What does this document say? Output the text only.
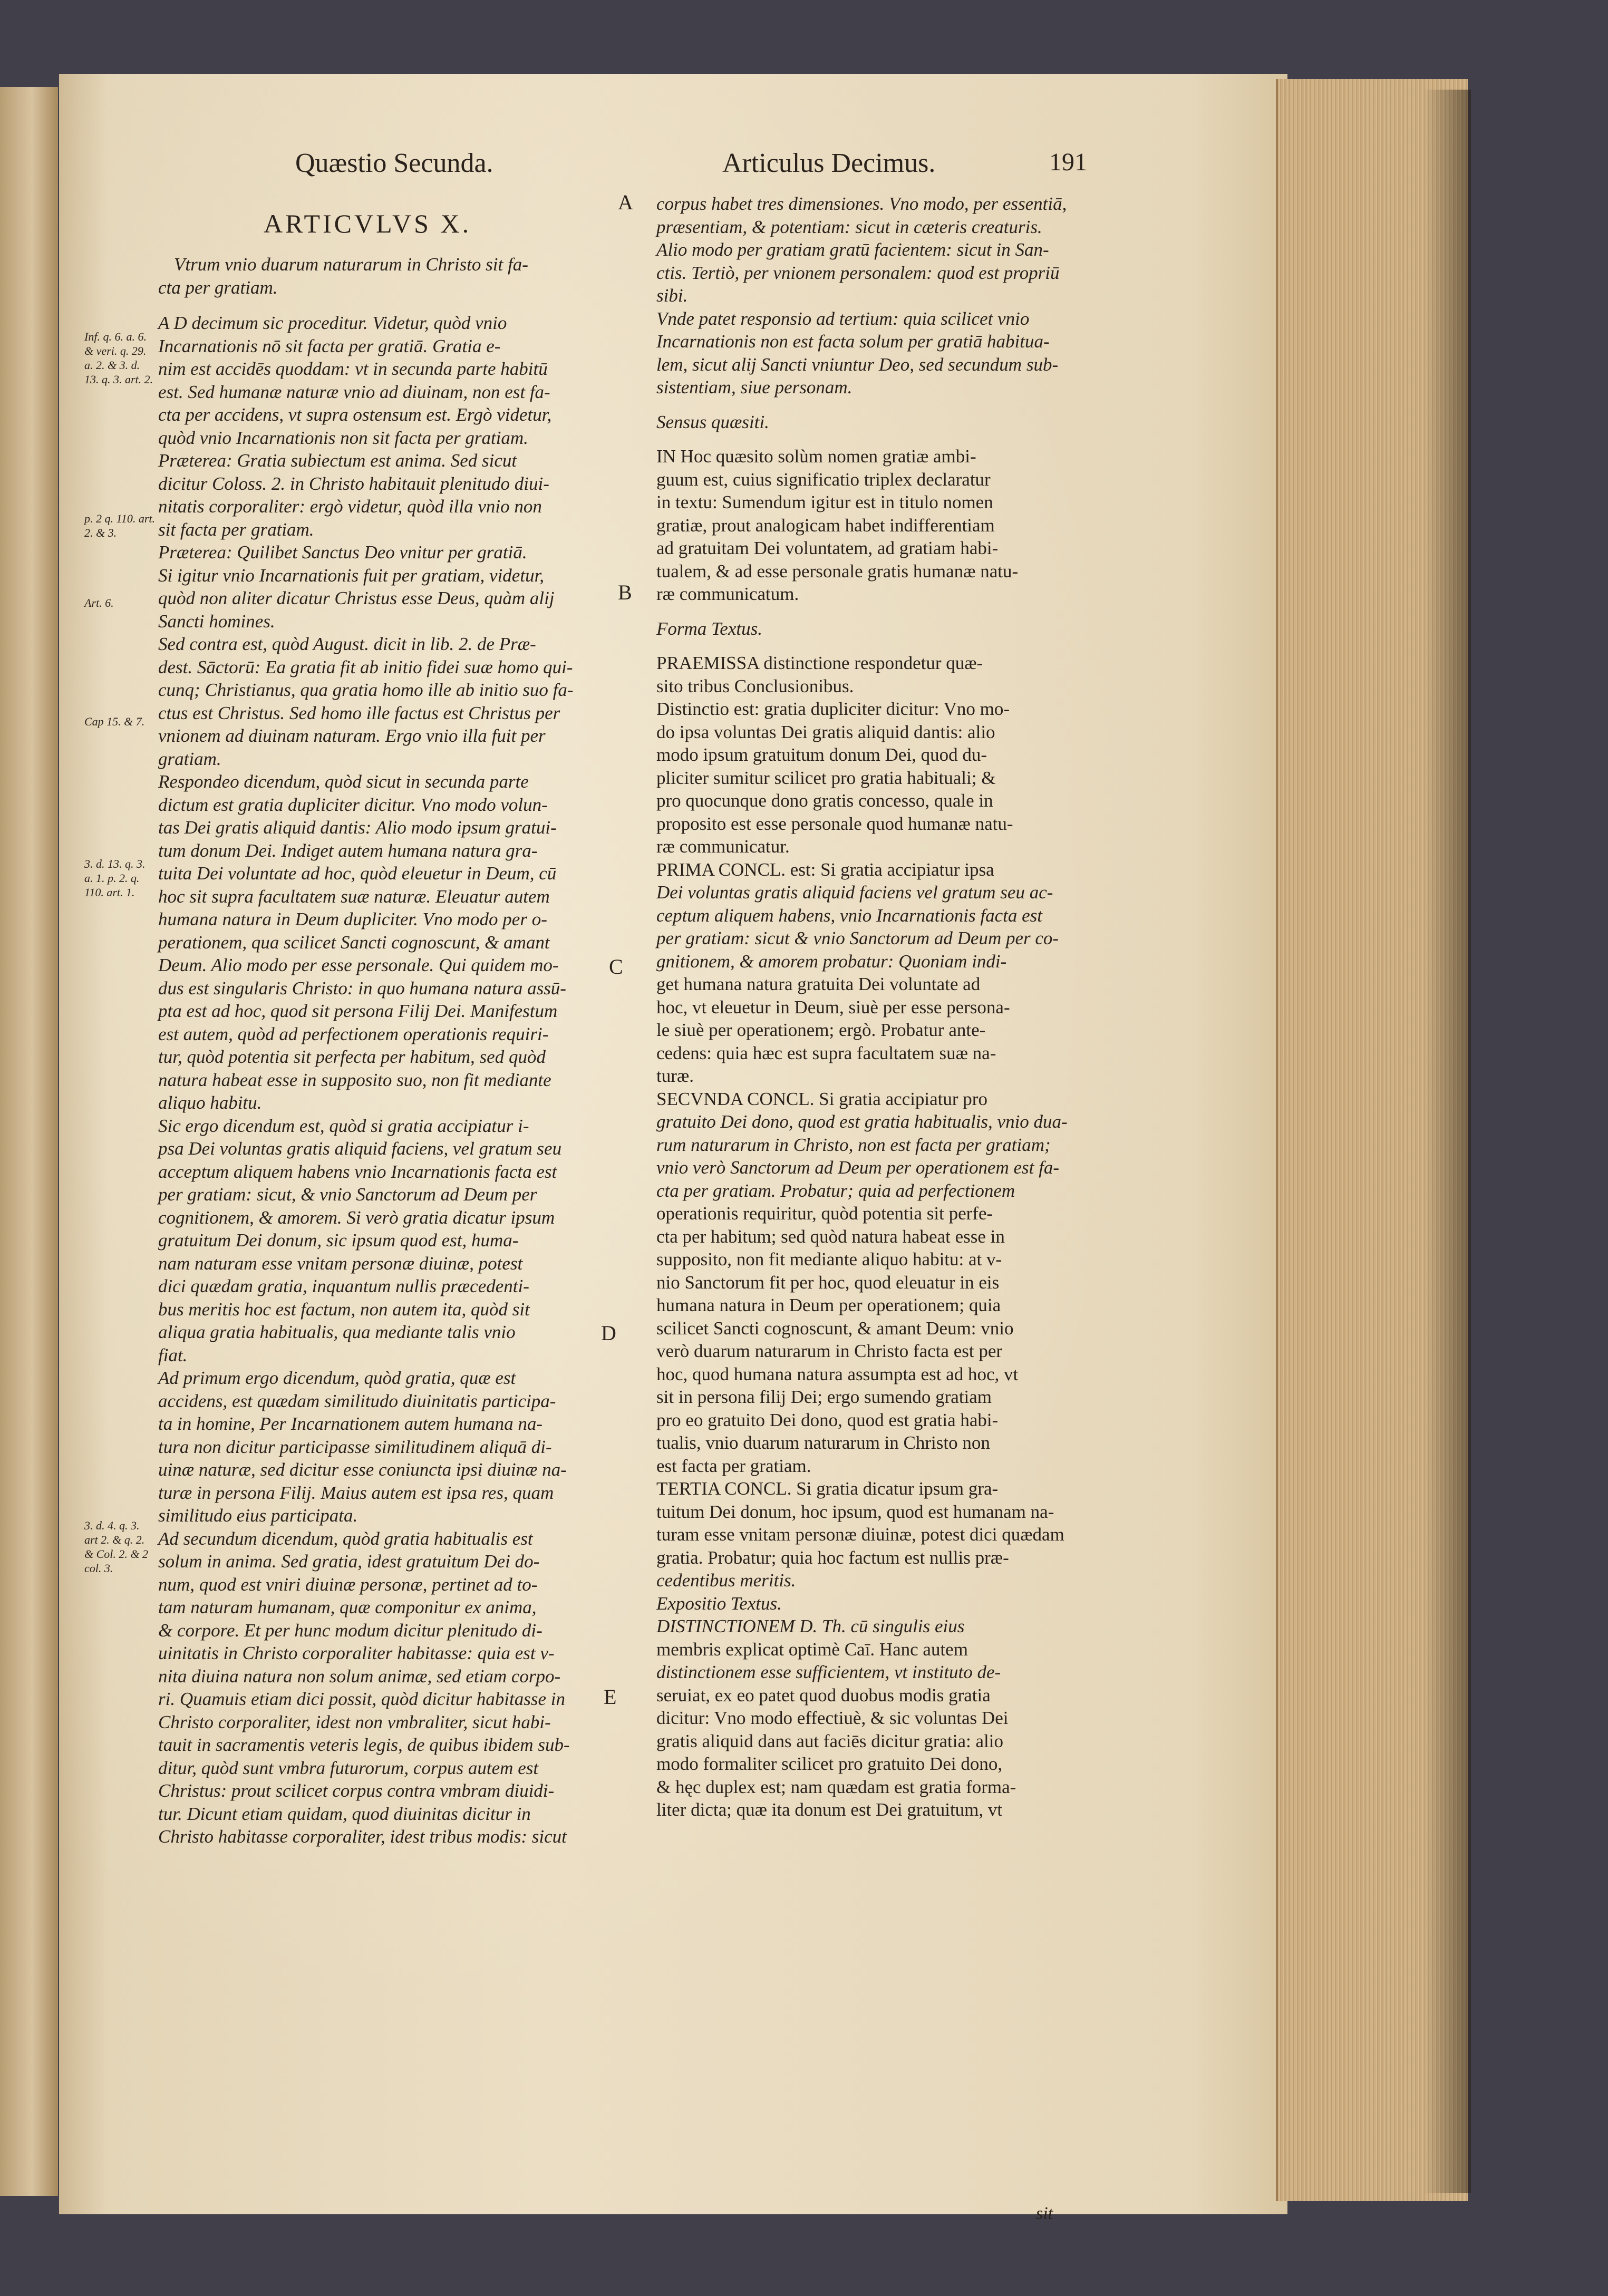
Quæstio Secunda.	Articulus Decimus.	191
ARTICVLVS X.
Inf. q. 6. a. 6. & veri. q. 29. a. 2. & 3. d. 13. q. 3. art. 2.
p. 2 q. 110. art. 2. & 3.
Art. 6.
Cap 15. & 7.
3. d. 13. q. 3. a. 1. p. 2. q. 110. art. 1.
3. d. 4. q. 3. art 2. & q. 2. & Col. 2. & 2 col. 3.
A
B
C
D
E
Vtrum vnio duarum naturarum in Christo sit fa-
cta per gratiam.
A D decimum sic proceditur. Videtur, quòd vnio
Incarnationis nō sit facta per gratiā. Gratia e-
nim est accidēs quoddam: vt in secunda parte habitū
est. Sed humanæ naturæ vnio ad diuinam, non est fa-
cta per accidens, vt supra ostensum est. Ergò videtur,
quòd vnio Incarnationis non sit facta per gratiam.
Præterea: Gratia subiectum est anima. Sed sicut
dicitur Coloss. 2. in Christo habitauit plenitudo diui-
nitatis corporaliter: ergò videtur, quòd illa vnio non
sit facta per gratiam.
Præterea: Quilibet Sanctus Deo vnitur per gratiā.
Si igitur vnio Incarnationis fuit per gratiam, videtur,
quòd non aliter dicatur Christus esse Deus, quàm alij
Sancti homines.
Sed contra est, quòd August. dicit in lib. 2. de Præ-
dest. Sāctorū: Ea gratia fit ab initio fidei suæ homo qui-
cunq; Christianus, qua gratia homo ille ab initio suo fa-
ctus est Christus. Sed homo ille factus est Christus per
vnionem ad diuinam naturam. Ergo vnio illa fuit per
gratiam.
Respondeo dicendum, quòd sicut in secunda parte
dictum est gratia dupliciter dicitur. Vno modo volun-
tas Dei gratis aliquid dantis: Alio modo ipsum gratui-
tum donum Dei. Indiget autem humana natura gra-
tuita Dei voluntate ad hoc, quòd eleuetur in Deum, cū
hoc sit supra facultatem suæ naturæ. Eleuatur autem
humana natura in Deum dupliciter. Vno modo per o-
perationem, qua scilicet Sancti cognoscunt, & amant
Deum. Alio modo per esse personale. Qui quidem mo-
dus est singularis Christo: in quo humana natura assū-
pta est ad hoc, quod sit persona Filij Dei. Manifestum
est autem, quòd ad perfectionem operationis requiri-
tur, quòd potentia sit perfecta per habitum, sed quòd
natura habeat esse in supposito suo, non fit mediante
aliquo habitu.
Sic ergo dicendum est, quòd si gratia accipiatur i-
psa Dei voluntas gratis aliquid faciens, vel gratum seu
acceptum aliquem habens vnio Incarnationis facta est
per gratiam: sicut, & vnio Sanctorum ad Deum per
cognitionem, & amorem. Si verò gratia dicatur ipsum
gratuitum Dei donum, sic ipsum quod est, huma-
nam naturam esse vnitam personæ diuinæ, potest
dici quædam gratia, inquantum nullis præcedenti-
bus meritis hoc est factum, non autem ita, quòd sit
aliqua gratia habitualis, qua mediante talis vnio
fiat.
Ad primum ergo dicendum, quòd gratia, quæ est
accidens, est quædam similitudo diuinitatis participa-
ta in homine, Per Incarnationem autem humana na-
tura non dicitur participasse similitudinem aliquā di-
uinæ naturæ, sed dicitur esse coniuncta ipsi diuinæ na-
turæ in persona Filij. Maius autem est ipsa res, quam
similitudo eius participata.
Ad secundum dicendum, quòd gratia habitualis est
solum in anima. Sed gratia, idest gratuitum Dei do-
num, quod est vniri diuinæ personæ, pertinet ad to-
tam naturam humanam, quæ componitur ex anima,
& corpore. Et per hunc modum dicitur plenitudo di-
uinitatis in Christo corporaliter habitasse: quia est v-
nita diuina natura non solum animæ, sed etiam corpo-
ri. Quamuis etiam dici possit, quòd dicitur habitasse in
Christo corporaliter, idest non vmbraliter, sicut habi-
tauit in sacramentis veteris legis, de quibus ibidem sub-
ditur, quòd sunt vmbra futurorum, corpus autem est
Christus: prout scilicet corpus contra vmbram diuidi-
tur. Dicunt etiam quidam, quod diuinitas dicitur in
Christo habitasse corporaliter, idest tribus modis: sicut
corpus habet tres dimensiones. Vno modo, per essentiā,
præsentiam, & potentiam: sicut in cæteris creaturis.
Alio modo per gratiam gratū facientem: sicut in San-
ctis. Tertiò, per vnionem personalem: quod est propriū
sibi.
Vnde patet responsio ad tertium: quia scilicet vnio
Incarnationis non est facta solum per gratiā habitua-
lem, sicut alij Sancti vniuntur Deo, sed secundum sub-
sistentiam, siue personam.
Sensus quæsiti.
IN Hoc quæsito solùm nomen gratiæ ambi-
guum est, cuius significatio triplex declaratur
in textu: Sumendum igitur est in titulo nomen
gratiæ, prout analogicam habet indifferentiam
ad gratuitam Dei voluntatem, ad gratiam habi-
tualem, & ad esse personale gratis humanæ natu-
ræ communicatum.
Forma Textus.
PRAEMISSA distinctione respondetur quæ-
sito tribus Conclusionibus.
Distinctio est: gratia dupliciter dicitur: Vno mo-
do ipsa voluntas Dei gratis aliquid dantis: alio
modo ipsum gratuitum donum Dei, quod du-
pliciter sumitur scilicet pro gratia habituali; &
pro quocunque dono gratis concesso, quale in
proposito est esse personale quod humanæ natu-
ræ communicatur.
PRIMA CONCL. est: Si gratia accipiatur ipsa
Dei voluntas gratis aliquid faciens vel gratum seu ac-
ceptum aliquem habens, vnio Incarnationis facta est
per gratiam: sicut & vnio Sanctorum ad Deum per co-
gnitionem, & amorem probatur: Quoniam indi-
get humana natura gratuita Dei voluntate ad
hoc, vt eleuetur in Deum, siuè per esse persona-
le siuè per operationem; ergò. Probatur ante-
cedens: quia hæc est supra facultatem suæ na-
turæ.
SECVNDA CONCL. Si gratia accipiatur pro
gratuito Dei dono, quod est gratia habitualis, vnio dua-
rum naturarum in Christo, non est facta per gratiam;
vnio verò Sanctorum ad Deum per operationem est fa-
cta per gratiam. Probatur; quia ad perfectionem
operationis requiritur, quòd potentia sit perfe-
cta per habitum; sed quòd natura habeat esse in
supposito, non fit mediante aliquo habitu: at v-
nio Sanctorum fit per hoc, quod eleuatur in eis
humana natura in Deum per operationem; quia
scilicet Sancti cognoscunt, & amant Deum: vnio
verò duarum naturarum in Christo facta est per
hoc, quod humana natura assumpta est ad hoc, vt
sit in persona filij Dei; ergo sumendo gratiam
pro eo gratuito Dei dono, quod est gratia habi-
tualis, vnio duarum naturarum in Christo non
est facta per gratiam.
TERTIA CONCL. Si gratia dicatur ipsum gra-
tuitum Dei donum, hoc ipsum, quod est humanam na-
turam esse vnitam personæ diuinæ, potest dici quædam
gratia. Probatur; quia hoc factum est nullis præ-
cedentibus meritis.
Expositio Textus.
DISTINCTIONEM D. Th. cū singulis eius
membris explicat optimè Caī. Hanc autem
distinctionem esse sufficientem, vt instituto de-
seruiat, ex eo patet quod duobus modis gratia
dicitur: Vno modo effectiuè, & sic voluntas Dei
gratis aliquid dans aut faciēs dicitur gratia: alio
modo formaliter scilicet pro gratuito Dei dono,
& hęc duplex est; nam quædam est gratia forma-
liter dicta; quæ ita donum est Dei gratuitum, vt
sit
